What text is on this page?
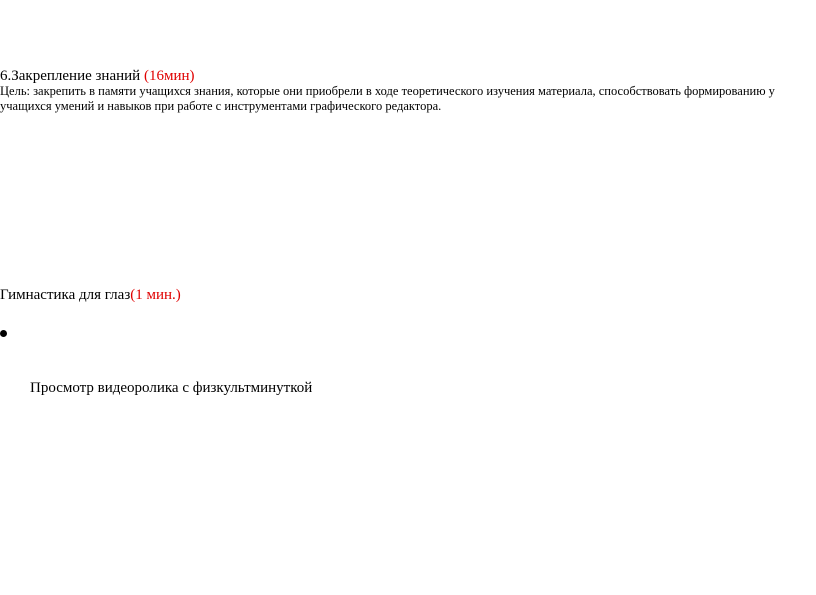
6.Закрепление знаний (16мин)
Цель: закрепить в памяти учащихся знания, которые они приобрели в ходе теоретического изучения материала, способствовать формированию у учащихся умений и навыков при работе с инструментами графического редактора.
Гимнастика для глаз(1 мин.)
Просмотр видеоролика с физкультминуткой
